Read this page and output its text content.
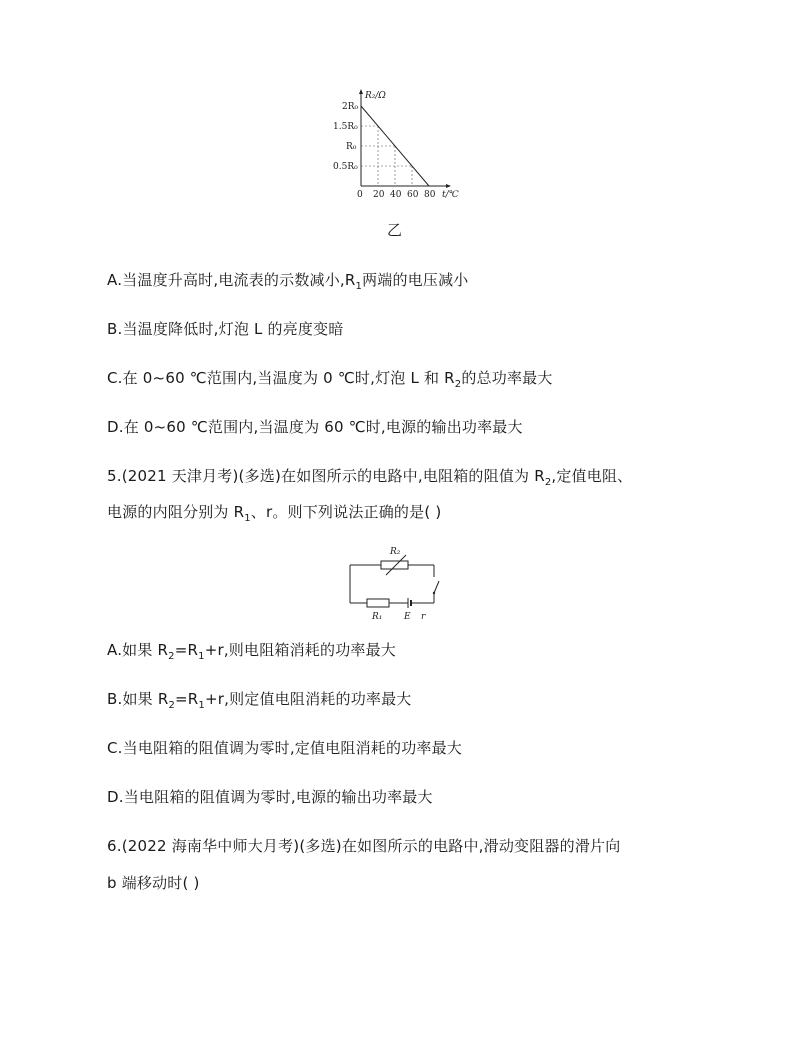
R₂/Ω
2R₀
1.5R₀
R₀
0.5R₀
0 20 40 60 80 t/℃
乙
A.当温度升高时,电流表的示数减小$,R_1$两端的电压减小
B.当温度降低时,灯泡 L 的亮度变暗
C.在 0~60 ℃范围内,当温度为 0 ℃时,灯泡 L 和 $R_2$的总功率最大
D.在 0~60 ℃范围内,当温度为 60 ℃时,电源的输出功率最大
5.(2021 天津月考)(多选)在如图所示的电路中,电阻箱的阻值为 $R_2$,定值电阻、
电源的内阻分别为 $R_1$、r。则下列说法正确的是( )
R₂
R₁ E r
A.如果 $R_2=R_1+r$,则电阻箱消耗的功率最大
B.如果 $R_2=R_1+r$,则定值电阻消耗的功率最大
C.当电阻箱的阻值调为零时,定值电阻消耗的功率最大
D.当电阻箱的阻值调为零时,电源的输出功率最大
6.(2022 海南华中师大月考)(多选)在如图所示的电路中,滑动变阻器的滑片向
b 端移动时( )
